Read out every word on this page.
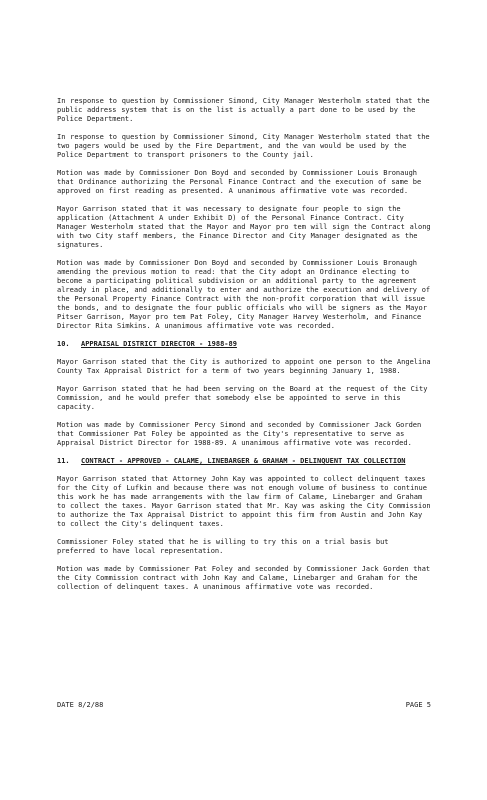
In response to question by Commissioner Simond, City Manager Westerholm stated that the public address system that is on the list is actually a part done to be used by the Police Department.

In response to question by Commissioner Simond, City Manager Westerholm stated that the two pagers would be used by the Fire Department, and the van would be used by the Police Department to transport prisoners to the County jail.

Motion was made by Commissioner Don Boyd and seconded by Commissioner Louis Bronaugh that Ordinance authorizing the Personal Finance Contract and the execution of same be approved on first reading as presented. A unanimous affirmative vote was recorded.

Mayor Garrison stated that it was necessary to designate four people to sign the application (Attachment A under Exhibit D) of the Personal Finance Contract. City Manager Westerholm stated that the Mayor and Mayor pro tem will sign the Contract along with two City staff members, the Finance Director and City Manager designated as the signatures.

Motion was made by Commissioner Don Boyd and seconded by Commissioner Louis Bronaugh amending the previous motion to read: that the City adopt an Ordinance electing to become a participating political subdivision or an additional party to the agreement already in place, and additionally to enter and authorize the execution and delivery of the Personal Property Finance Contract with the non-profit corporation that will issue the bonds, and to designate the four public officials who will be signers as the Mayor Pitser Garrison, Mayor pro tem Pat Foley, City Manager Harvey Westerholm, and Finance Director Rita Simkins. A unanimous affirmative vote was recorded.

10.	APPRAISAL DISTRICT DIRECTOR - 1988-89

Mayor Garrison stated that the City is authorized to appoint one person to the Angelina County Tax Appraisal District for a term of two years beginning January 1, 1988.

Mayor Garrison stated that he had been serving on the Board at the request of the City Commission, and he would prefer that somebody else be appointed to serve in this capacity.

Motion was made by Commissioner Percy Simond and seconded by Commissioner Jack Gorden that Commissioner Pat Foley be appointed as the City's representative to serve as Appraisal District Director for 1988-89. A unanimous affirmative vote was recorded.

11.	CONTRACT - APPROVED - CALAME, LINEBARGER & GRAHAM - DELINQUENT TAX COLLECTION

Mayor Garrison stated that Attorney John Kay was appointed to collect delinquent taxes for the City of Lufkin and because there was not enough volume of business to continue this work he has made arrangements with the law firm of Calame, Linebarger and Graham to collect the taxes. Mayor Garrison stated that Mr. Kay was asking the City Commission to authorize the Tax Appraisal District to appoint this firm from Austin and John Kay to collect the City's delinquent taxes.

Commissioner Foley stated that he is willing to try this on a trial basis but preferred to have local representation.

Motion was made by Commissioner Pat Foley and seconded by Commissioner Jack Gorden that the City Commission contract with John Kay and Calame, Linebarger and Graham for the collection of delinquent taxes. A unanimous affirmative vote was recorded.

DATE 8/2/88	PAGE 5
